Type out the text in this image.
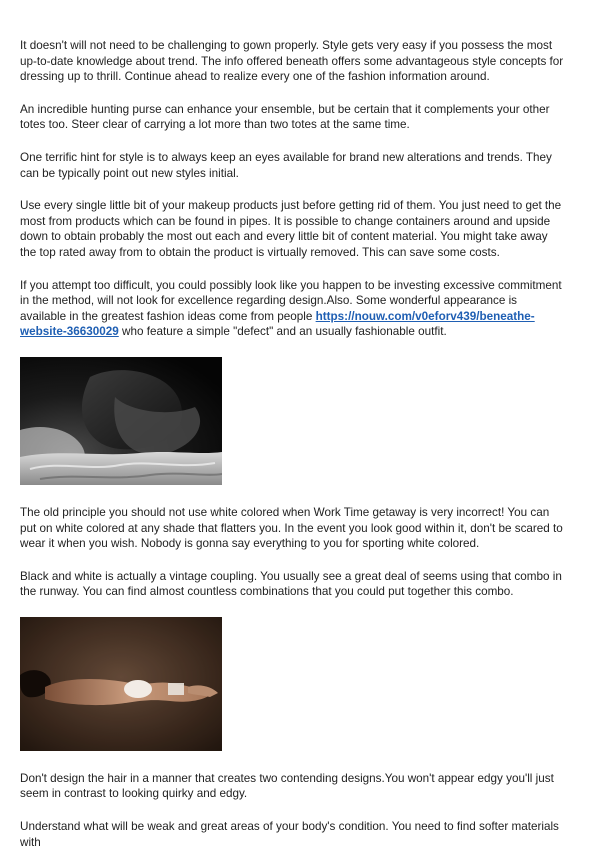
It doesn't will not need to be challenging to gown properly. Style gets very easy if you possess the most up-to-date knowledge about trend. The info offered beneath offers some advantageous style concepts for dressing up to thrill. Continue ahead to realize every one of the fashion information around.

An incredible hunting purse can enhance your ensemble, but be certain that it complements your other totes too. Steer clear of carrying a lot more than two totes at the same time.

One terrific hint for style is to always keep an eyes available for brand new alterations and trends. They can be typically point out new styles initial.

Use every single little bit of your makeup products just before getting rid of them. You just need to get the most from products which can be found in pipes. It is possible to change containers around and upside down to obtain probably the most out each and every little bit of content material. You might take away the top rated away from to obtain the product is virtually removed. This can save some costs.

If you attempt too difficult, you could possibly look like you happen to be investing excessive commitment in the method, will not look for excellence regarding design.Also. Some wonderful appearance is available in the greatest fashion ideas come from people https://nouw.com/v0eforv439/beneathe-website-36630029 who feature a simple "defect" and an usually fashionable outfit.

The old principle you should not use white colored when Work Time getaway is very incorrect! You can put on white colored at any shade that flatters you. In the event you look good within it, don't be scared to wear it when you wish. Nobody is gonna say everything to you for sporting white colored.

Black and white is actually a vintage coupling. You usually see a great deal of seems using that combo in the runway. You can find almost countless combinations that you could put together this combo.

Don't design the hair in a manner that creates two contending designs.You won't appear edgy you'll just seem in contrast to looking quirky and edgy.

Understand what will be weak and great areas of your body's condition. You need to find softer materials with
